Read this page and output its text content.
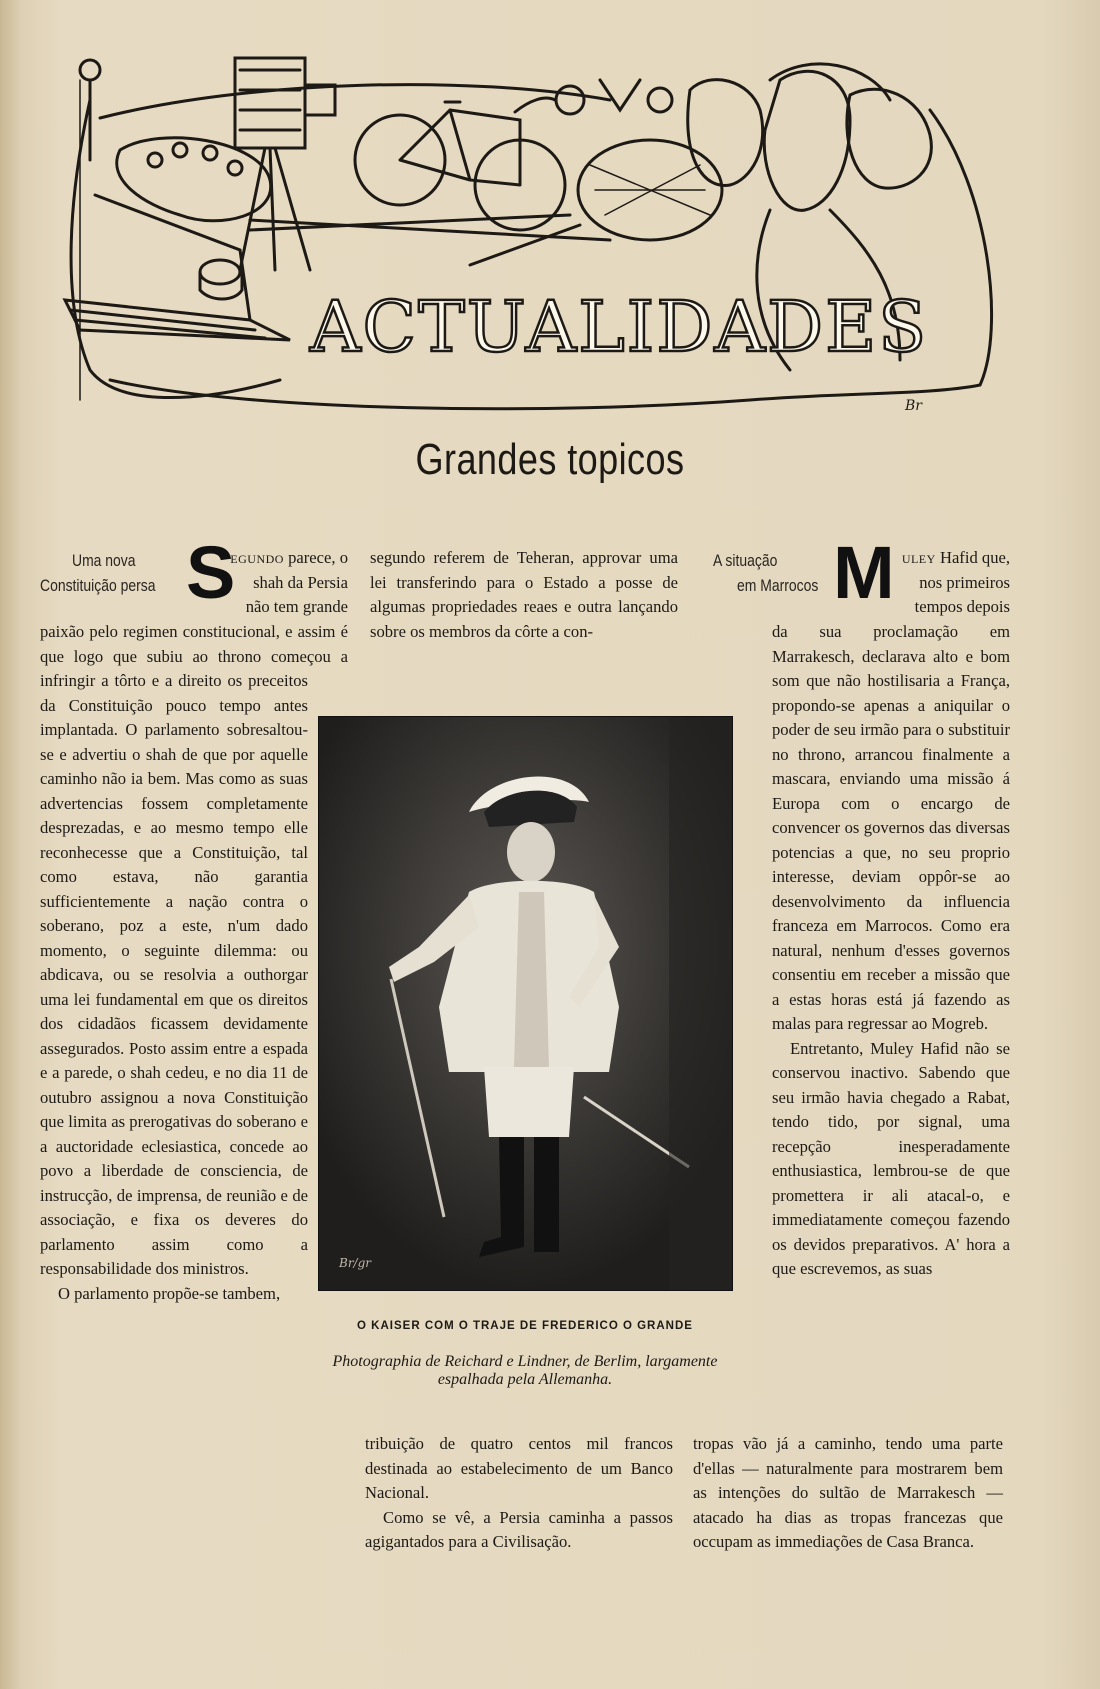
Br
ACTUALIDADES
Grandes topicos
Uma nova
Constituição persa S

egundo parece, o

shah da Persia

não tem grande

paixão pelo regimen constitucional, e assim é que logo que subiu ao throno começou a infringir a tôrto e a direito os preceitos da Constituição pouco tempo antes implantada. O parlamento sobresaltou-se e advertiu o shah de que por aquelle caminho não ia bem. Mas como as suas advertencias fossem completamente desprezadas, e ao mesmo tempo elle reconhecesse que a Constituição, tal como estava, não garantia sufficientemente a nação contra o soberano, poz a este, n'um dado momento, o seguinte dilemma: ou abdicava, ou se resolvia a outhorgar uma lei fundamental em que os direitos dos cidadãos ficassem devidamente assegurados. Posto assim entre a espada e a parede, o shah cedeu, e no dia 11 de outubro assignou a nova Constituição que limita as prerogativas do soberano e a auctoridade eclesiastica, concede ao povo a liberdade de consciencia, de instrucção, de imprensa, de reunião e de associação, e fixa os deveres do parlamento assim como a responsabilidade dos ministros.

O parlamento propõe-se tambem,

segundo referem de Teheran, approvar uma lei transferindo para o Estado a posse de algumas propriedades reaes e outra lançando sobre os membros da côrte a con-

tribuição de quatro centos mil francos destinada ao estabelecimento de um Banco Nacional.

Como se vê, a Persia caminha a passos agigantados para a Civilisação.

Br/gr
O KAISER COM O TRAJE DE FREDERICO O GRANDE
Photographia de Reichard e Lindner, de Berlim, largamente espalhada pela Allemanha.
A situação
em Marrocos M uley Hafid que,

nos primeiros

tempos depois

da sua proclamação em Marrakesch, declarava alto e bom som que não hostilisaria a França, propondo-se apenas a aniquilar o poder de seu irmão para o substituir no throno, arrancou finalmente a mascara, enviando uma missão á Europa com o encargo de convencer os governos das diversas potencias a que, no seu proprio interesse, deviam oppôr-se ao desenvolvimento da influencia franceza em Marrocos. Como era natural, nenhum d'esses governos consentiu em receber a missão que a estas horas está já fazendo as malas para regressar ao Mogreb.

Entretanto, Muley Hafid não se conservou inactivo. Sabendo que seu irmão havia chegado a Rabat, tendo tido, por signal, uma recepção inesperadamente enthusiastica, lembrou-se de que promettera ir ali atacal-o, e immediatamente começou fazendo os devidos preparativos. A' hora a que escrevemos, as suas

tropas vão já a caminho, tendo uma parte d'ellas — naturalmente para mostrarem bem as intenções do sultão de Marrakesch — atacado ha dias as tropas francezas que occupam as immediações de Casa Branca.
